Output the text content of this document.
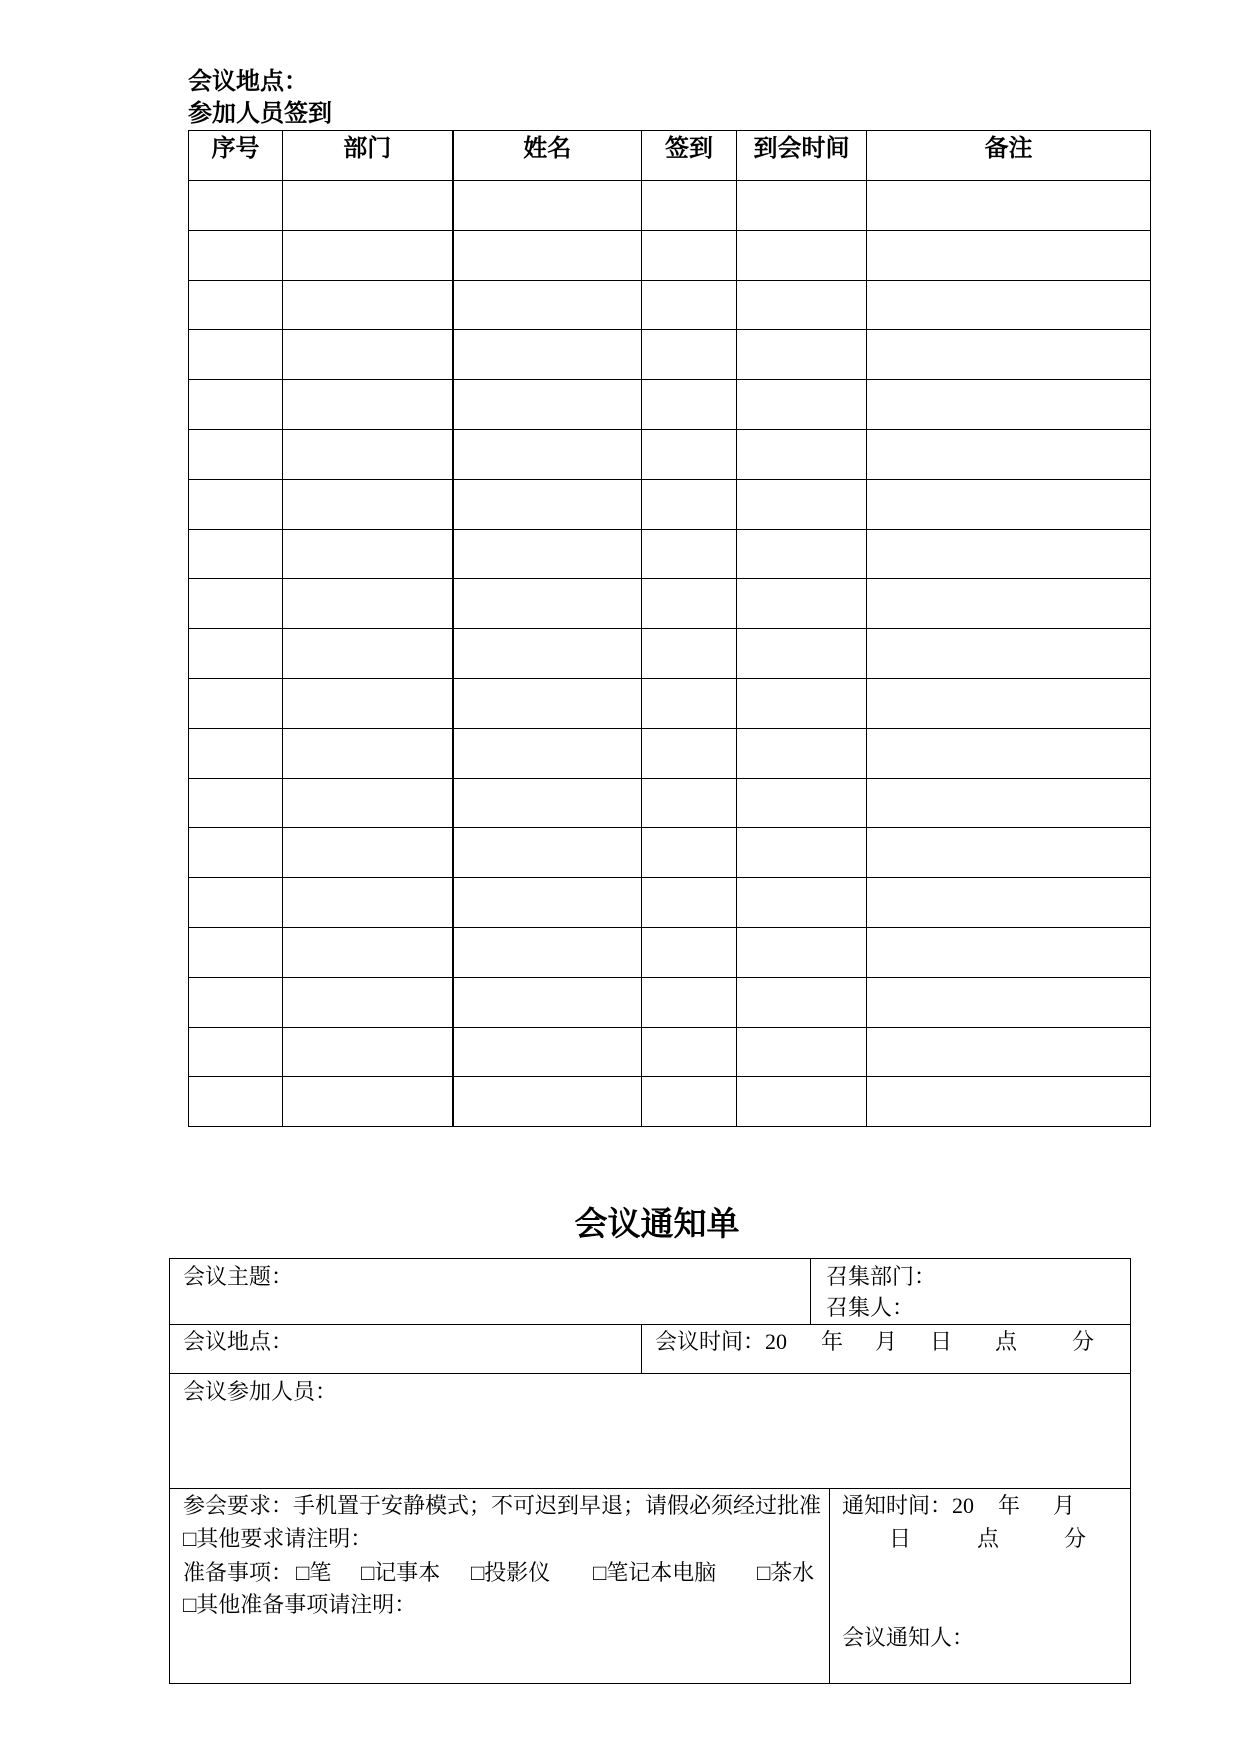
会议地点：
参加人员签到
序号	部门	姓名	签到	到会时间	备注

会议通知单
会议主题：	召集部门：
召集人：
会议地点：	会议时间：20 年 月 日 点 分
会议参加人员：
参会要求：手机置于安静模式；不可迟到早退；请假必须经过批准
□其他要求请注明：
准备事项： □笔 □记事本 □投影仪 □笔记本电脑 □茶水
□其他准备事项请注明：
通知时间：20 年 月
日	点	分
会议通知人：
